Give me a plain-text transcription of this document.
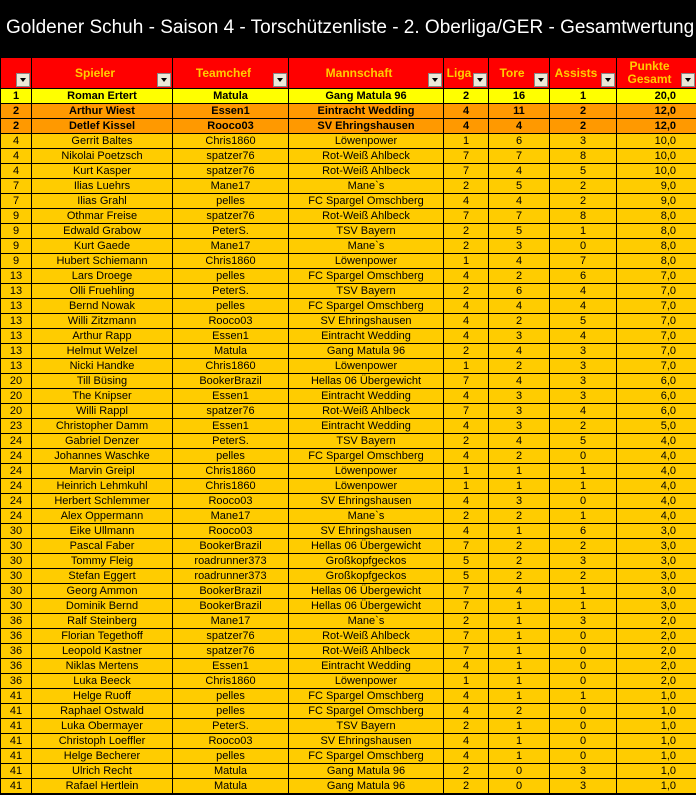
Goldener Schuh - Saison 4 - Torschützenliste - 2. Oberliga/GER - Gesamtwertung

	Spieler	Teamchef	Mannschaft	Liga	Tore	Assists	Punkte Gesamt

1	Roman Ertert	Matula	Gang Matula 96	2	16	1	20,0
2	Arthur Wiest	Essen1	Eintracht Wedding	4	11	2	12,0
2	Detlef Kissel	Rooco03	SV Ehringshausen	4	4	2	12,0
4	Gerrit Baltes	Chris1860	Löwenpower	1	6	3	10,0
4	Nikolai Poetzsch	spatzer76	Rot-Weiß Ahlbeck	7	7	8	10,0
4	Kurt Kasper	spatzer76	Rot-Weiß Ahlbeck	7	4	5	10,0
7	Ilias Luehrs	Mane17	Mane`s	2	5	2	9,0
7	Ilias Grahl	pelles	FC Spargel Omschberg	4	4	2	9,0
9	Othmar Freise	spatzer76	Rot-Weiß Ahlbeck	7	7	8	8,0
9	Edwald Grabow	PeterS.	TSV Bayern	2	5	1	8,0
9	Kurt Gaede	Mane17	Mane`s	2	3	0	8,0
9	Hubert Schiemann	Chris1860	Löwenpower	1	4	7	8,0
13	Lars Droege	pelles	FC Spargel Omschberg	4	2	6	7,0
13	Olli Fruehling	PeterS.	TSV Bayern	2	6	4	7,0
13	Bernd Nowak	pelles	FC Spargel Omschberg	4	4	4	7,0
13	Willi Zitzmann	Rooco03	SV Ehringshausen	4	2	5	7,0
13	Arthur Rapp	Essen1	Eintracht Wedding	4	3	4	7,0
13	Helmut Welzel	Matula	Gang Matula 96	2	4	3	7,0
13	Nicki Handke	Chris1860	Löwenpower	1	2	3	7,0
20	Till Büsing	BookerBrazil	Hellas 06 Übergewicht	7	4	3	6,0
20	The Knipser	Essen1	Eintracht Wedding	4	3	3	6,0
20	Willi Rappl	spatzer76	Rot-Weiß Ahlbeck	7	3	4	6,0
23	Christopher Damm	Essen1	Eintracht Wedding	4	3	2	5,0
24	Gabriel Denzer	PeterS.	TSV Bayern	2	4	5	4,0
24	Johannes Waschke	pelles	FC Spargel Omschberg	4	2	0	4,0
24	Marvin Greipl	Chris1860	Löwenpower	1	1	1	4,0
24	Heinrich Lehmkuhl	Chris1860	Löwenpower	1	1	1	4,0
24	Herbert Schlemmer	Rooco03	SV Ehringshausen	4	3	0	4,0
24	Alex Oppermann	Mane17	Mane`s	2	2	1	4,0
30	Eike Ullmann	Rooco03	SV Ehringshausen	4	1	6	3,0
30	Pascal Faber	BookerBrazil	Hellas 06 Übergewicht	7	2	2	3,0
30	Tommy Fleig	roadrunner373	Großkopfgeckos	5	2	3	3,0
30	Stefan Eggert	roadrunner373	Großkopfgeckos	5	2	2	3,0
30	Georg Ammon	BookerBrazil	Hellas 06 Übergewicht	7	4	1	3,0
30	Dominik Bernd	BookerBrazil	Hellas 06 Übergewicht	7	1	1	3,0
36	Ralf Steinberg	Mane17	Mane`s	2	1	3	2,0
36	Florian Tegethoff	spatzer76	Rot-Weiß Ahlbeck	7	1	0	2,0
36	Leopold Kastner	spatzer76	Rot-Weiß Ahlbeck	7	1	0	2,0
36	Niklas Mertens	Essen1	Eintracht Wedding	4	1	0	2,0
36	Luka Beeck	Chris1860	Löwenpower	1	1	0	2,0
41	Helge Ruoff	pelles	FC Spargel Omschberg	4	1	1	1,0
41	Raphael Ostwald	pelles	FC Spargel Omschberg	4	2	0	1,0
41	Luka Obermayer	PeterS.	TSV Bayern	2	1	0	1,0
41	Christoph Loeffler	Rooco03	SV Ehringshausen	4	1	0	1,0
41	Helge Becherer	pelles	FC Spargel Omschberg	4	1	0	1,0
41	Ulrich Recht	Matula	Gang Matula 96	2	0	3	1,0
41	Rafael Hertlein	Matula	Gang Matula 96	2	0	3	1,0
